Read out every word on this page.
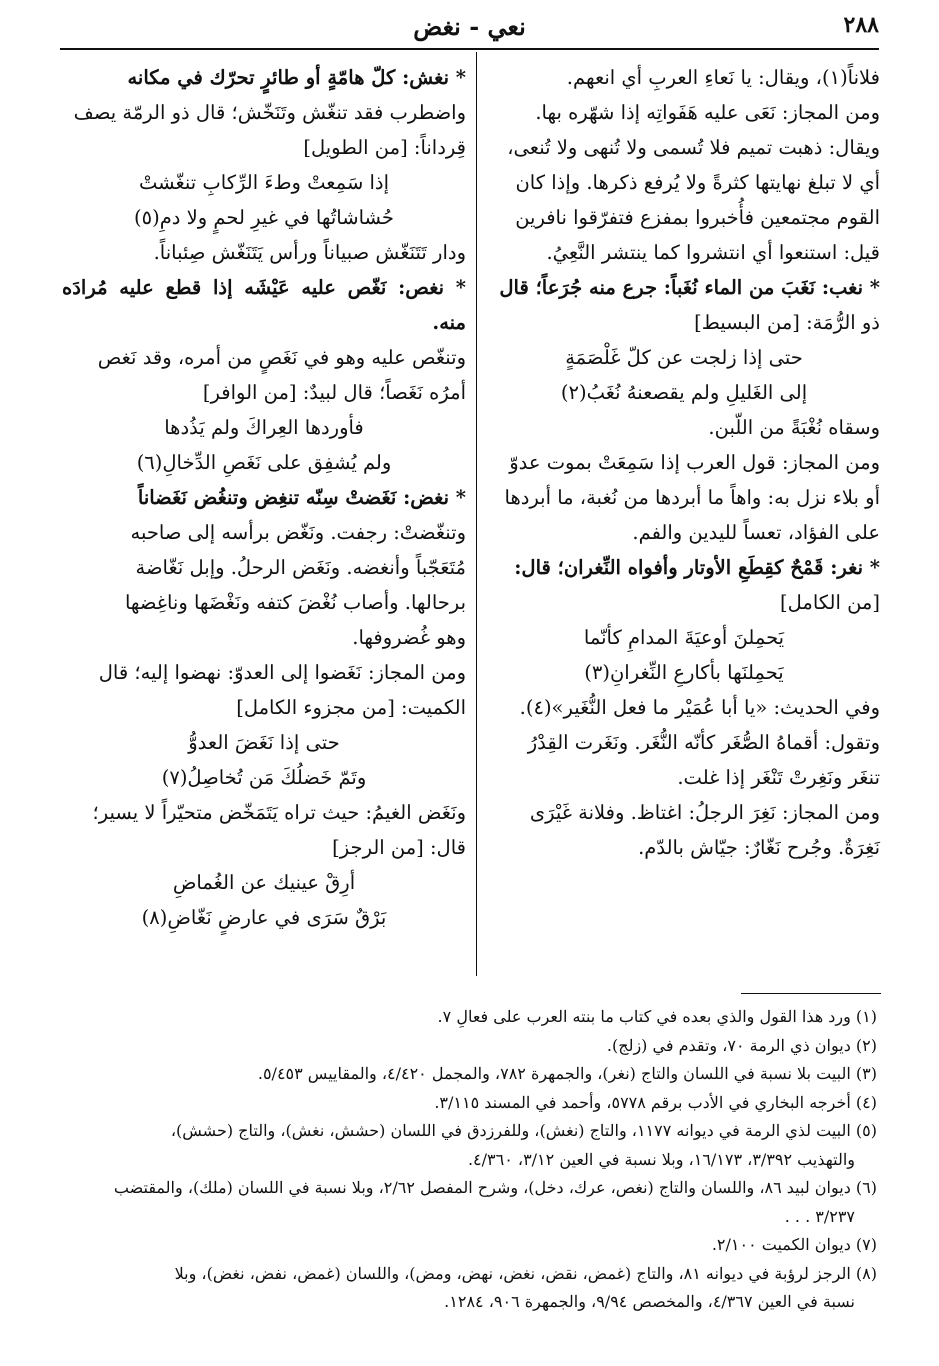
٢٨٨
نعي - نغض

فلاناً(١)، ويقال: يا نَعاءِ العربِ أي انعهم.

ومن المجاز: نَعَى عليه هَفَواتِه إذا شهّره بها.

ويقال: ذهبت تميم فلا تُسمى ولا تُنهى ولا تُنعى،

أي لا تبلغ نهايتها كثرةً ولا يُرفع ذكرها. وإذا كان

القوم مجتمعين فأُخبروا بمفزع فتفرّقوا نافرين

قيل: استنعوا أي انتشروا كما ينتشر النَّعِيُ.

* نغب: نَغَبَ من الماء نُغَباً: جرع منه جُرَعاً؛ قال

ذو الرُّمَة: [من البسيط]

حتى إذا زلجت عن كلّ غَلْصَمَةٍ

إلى الغَليلِ ولم يقصعنهُ نُغَبُ(٢)

وسقاه نُغْبَةً من اللّبن.

ومن المجاز: قول العرب إذا سَمِعَتْ بموت عدوّ

أو بلاء نزل به: واهاً ما أبردها من نُغبة، ما أبردها

على الفؤاد، تعساً لليدين والفم.

* نغر: قَمْحٌ كقِطَعِ الأوتار وأفواه النِّغران؛ قال:

[من الكامل]

يَحمِلنَ أوعيَةَ المدامِ كأنّما

يَحمِلنَها بأكارعِ النِّغرانِ(٣)

وفي الحديث: «يا أبا عُمَيْر ما فعل النُّغَير»(٤).

وتقول: أقماهُ الصُّغَر كأنّه النُّغَر. ونَغَرت القِدْرُ

تنغَر ونَغِرتْ تَنْغَر إذا غلت.

ومن المجاز: نَغِرَ الرجلُ: اغتاظ. وفلانة غَيْرَى

نَغِرَةٌ. وجُرح نَغّارٌ: جيّاش بالدّم.

* نغش: كلّ هامّةٍ أو طائرٍ تحرّك في مكانه

واضطرب فقد تنغّش وتَنَخّش؛ قال ذو الرمّة يصف

قِرداناً: [من الطويل]

إذا سَمِعتْ وطءَ الرِّكابِ تنغّشتْ

حُشاشاتُها في غيرِ لحمٍ ولا دمِ(٥)

ودار تَتَنَغّش صبياناً ورأس يَتَنَغّش صِئباناً.

* نغص: نَغّص عليه عَيْشَه إذا قطع عليه مُرادَه منه.

وتنغّص عليه وهو في نَغَصٍ من أمره، وقد نَغص

أمرُه نَغَصاً؛ قال لبيدٌ: [من الوافر]

فأوردها العِراكَ ولم يَذُدها

ولم يُشفِق على نَغَصِ الدِّخالِ(٦)

* نغض: نَغَضتْ سِنّه تنغِض وتنغُض نَغَضاناً

وتنغّضتْ: رجفت. ونَغّض برأسه إلى صاحبه

مُتَعَجّباً وأنغضه. ونَغَض الرحلُ. وإبل نَغّاضة

برحالها. وأصاب نُغْضَ كتفه ونَغْضَها وناغِضها

وهو غُضروفها.

ومن المجاز: نَغَضوا إلى العدوّ: نهضوا إليه؛ قال

الكميت: [من مجزوء الكامل]

حتى إذا نَغَضَ العدوُّ

وتَمّ خَضلُكَ مَن تُخاصِلُ(٧)

ونَغَض الغيمُ: حيث تراه يَتَمَخّض متحيّراً لا يسير؛

قال: [من الرجز]

أرِقْ عينيك عن الغُماضِ

بَرْقٌ سَرَى في عارضٍ نَغّاضِ(٨)

(١) ورد هذا القول والذي بعده في كتاب ما بنته العرب على فعالِ ٧.
(٢) ديوان ذي الرمة ٧٠، وتقدم في (زلج).
(٣) البيت بلا نسبة في اللسان والتاج (نغر)، والجمهرة ٧٨٢، والمجمل ٤/٤٢٠، والمقاييس ٥/٤٥٣.
(٤) أخرجه البخاري في الأدب برقم ٥٧٧٨، وأحمد في المسند ٣/١١٥.
(٥) البيت لذي الرمة في ديوانه ١١٧٧، والتاج (نغش)، وللفرزدق في اللسان (حشش، نغش)، والتاج (حشش)،
والتهذيب ٣/٣٩٢، ١٦/١٧٣، وبلا نسبة في العين ٣/١٢، ٤/٣٦٠.
(٦) ديوان لبيد ٨٦، واللسان والتاج (نغص، عرك، دخل)، وشرح المفصل ٢/٦٢، وبلا نسبة في اللسان (ملك)، والمقتضب
٣/٢٣٧ . . .
(٧) ديوان الكميت ٢/١٠٠.
(٨) الرجز لرؤبة في ديوانه ٨١، والتاج (غمض، نقض، نغض، نهض، ومض)، واللسان (غمض، نفض، نغض)، وبلا
نسبة في العين ٤/٣٦٧، والمخصص ٩/٩٤، والجمهرة ٩٠٦، ١٢٨٤.
